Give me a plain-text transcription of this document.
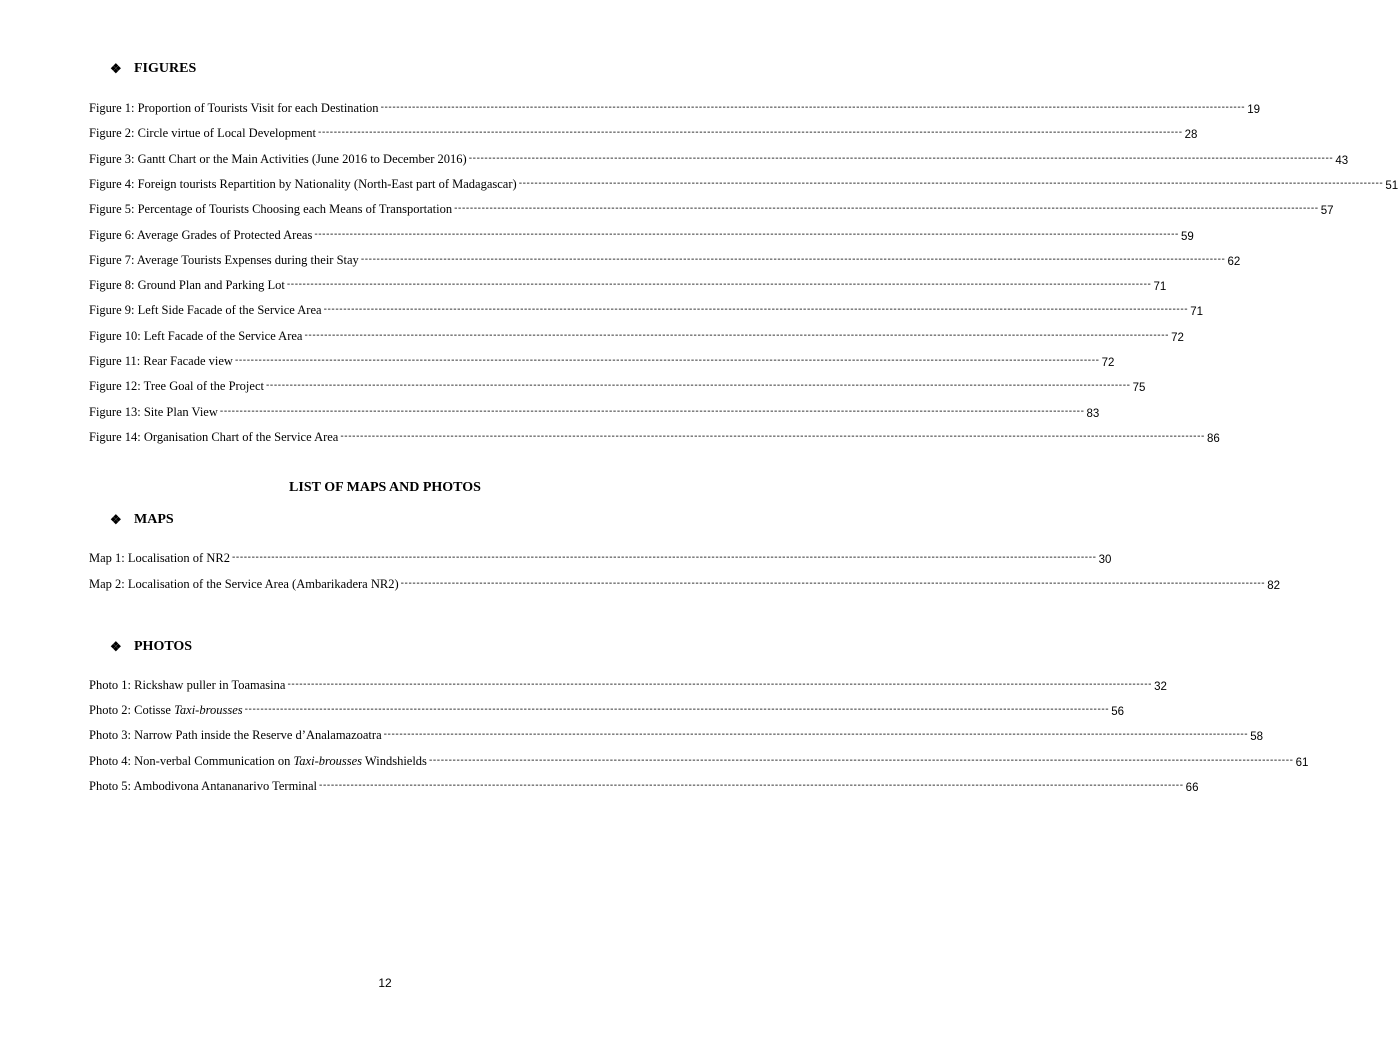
❖ FIGURES
Figure 1: Proportion of Tourists Visit for each Destination ---------------------------------------------------------------------------------------------------------------------------------------------------------------------------------------------------------------------------- 19
Figure 2: Circle virtue of Local Development ---------------------------------------------------------------------------------------------------------------------------------------------------------------------------------------------------------------------------- 28
Figure 3: Gantt Chart or the Main Activities (June 2016 to December 2016) ---------------------------------------------------------------------------------------------------------------------------------------------------------------------------------------------------------------------------- 43
Figure 4: Foreign tourists Repartition by Nationality (North-East part of Madagascar) ---------------------------------------------------------------------------------------------------------------------------------------------------------------------------------------------------------------------------- 51
Figure 5: Percentage of Tourists Choosing each Means of Transportation ---------------------------------------------------------------------------------------------------------------------------------------------------------------------------------------------------------------------------- 57
Figure 6: Average Grades of Protected Areas ---------------------------------------------------------------------------------------------------------------------------------------------------------------------------------------------------------------------------- 59
Figure 7: Average Tourists Expenses during their Stay ---------------------------------------------------------------------------------------------------------------------------------------------------------------------------------------------------------------------------- 62
Figure 8: Ground Plan and Parking Lot ---------------------------------------------------------------------------------------------------------------------------------------------------------------------------------------------------------------------------- 71
Figure 9: Left Side Facade of the Service Area ---------------------------------------------------------------------------------------------------------------------------------------------------------------------------------------------------------------------------- 71
Figure 10: Left Facade of the Service Area ---------------------------------------------------------------------------------------------------------------------------------------------------------------------------------------------------------------------------- 72
Figure 11: Rear Facade view ---------------------------------------------------------------------------------------------------------------------------------------------------------------------------------------------------------------------------- 72
Figure 12: Tree Goal of the Project ---------------------------------------------------------------------------------------------------------------------------------------------------------------------------------------------------------------------------- 75
Figure 13: Site Plan View ---------------------------------------------------------------------------------------------------------------------------------------------------------------------------------------------------------------------------- 83
Figure 14: Organisation Chart of the Service Area ---------------------------------------------------------------------------------------------------------------------------------------------------------------------------------------------------------------------------- 86
LIST OF MAPS AND PHOTOS
❖ MAPS
Map 1: Localisation of NR2 ---------------------------------------------------------------------------------------------------------------------------------------------------------------------------------------------------------------------------- 30
Map 2: Localisation of the Service Area (Ambarikadera NR2) ---------------------------------------------------------------------------------------------------------------------------------------------------------------------------------------------------------------------------- 82
❖ PHOTOS
Photo 1: Rickshaw puller in Toamasina ---------------------------------------------------------------------------------------------------------------------------------------------------------------------------------------------------------------------------- 32
Photo 2: Cotisse Taxi-brousses ---------------------------------------------------------------------------------------------------------------------------------------------------------------------------------------------------------------------------- 56
Photo 3: Narrow Path inside the Reserve d’Analamazoatra ---------------------------------------------------------------------------------------------------------------------------------------------------------------------------------------------------------------------------- 58
Photo 4: Non-verbal Communication on Taxi-brousses Windshields ---------------------------------------------------------------------------------------------------------------------------------------------------------------------------------------------------------------------------- 61
Photo 5: Ambodivona Antananarivo Terminal ---------------------------------------------------------------------------------------------------------------------------------------------------------------------------------------------------------------------------- 66
12
